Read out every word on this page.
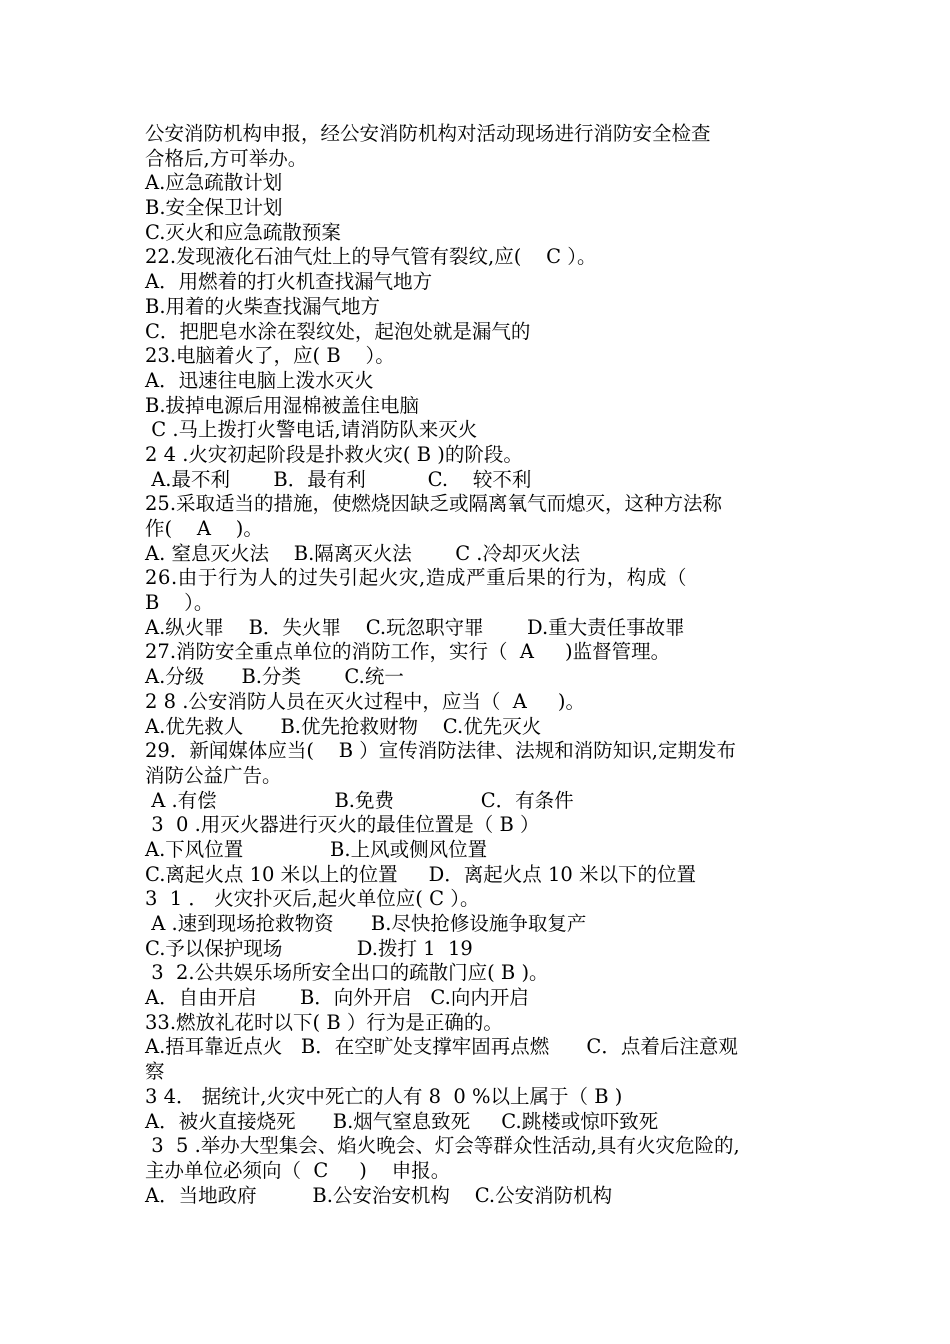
公安消防机构申报，经公安消防机构对活动现场进行消防安全检查
合格后,方可举办。
A.应急疏散计划
B.安全保卫计划
C.灭火和应急疏散预案
22.发现液化石油气灶上的导气管有裂纹,应(    C ）。
A．用燃着的打火机查找漏气地方
B.用着的火柴查找漏气地方
C．把肥皂水涂在裂纹处，起泡处就是漏气的
23.电脑着火了，应( B    ）。
A．迅速往电脑上泼水灭火
B.拔掉电源后用湿棉被盖住电脑
C .马上拨打火警电话,请消防队来灭火
2 4 .火灾初起阶段是扑救火灾( B )的阶段。
A.最不利       B．最有利          C.    较不利
25.采取适当的措施，使燃烧因缺乏或隔离氧气而熄灭，这种方法称
作(    A    )。
A. 窒息灭火法    B.隔离灭火法       C .冷却灭火法
26.由于行为人的过失引起火灾,造成严重后果的行为，构成（
B    ）。
A.纵火罪    B．失火罪    C.玩忽职守罪       D.重大责任事故罪
27.消防安全重点单位的消防工作，实行（  A     )监督管理。
A.分级      B.分类       C.统一
2 8 .公安消防人员在灭火过程中，应当（  A     )。
A.优先救人      B.优先抢救财物    C.优先灭火
29．新闻媒体应当(    B ）宣传消防法律、法规和消防知识,定期发布
消防公益广告。
A .有偿                   B.免费              C．有条件
3  0 .用灭火器进行灭火的最佳位置是（ B ）
A.下风位置              B.上风或侧风位置
C.离起火点 10 米以上的位置     D．离起火点 10 米以下的位置
3  1 ． 火灾扑灭后,起火单位应( C ）。
A .速到现场抢救物资      B.尽快抢修设施争取复产
C.予以保护现场            D.拨打 1  19
3  2.公共娱乐场所安全出口的疏散门应( B )。
A．自由开启       B．向外开启   C.向内开启
33.燃放礼花时以下( B ）行为是正确的。
A.捂耳靠近点火   B．在空旷处支撑牢固再点燃      C．点着后注意观
察
3 4． 据统计,火灾中死亡的人有 8  0 %以上属于（ B )
A．被火直接烧死      B.烟气窒息致死     C.跳楼或惊吓致死
3  5 .举办大型集会、焰火晚会、灯会等群众性活动,具有火灾危险的,
主办单位必须向（  C     )    申报。
A．当地政府         B.公安治安机构    C.公安消防机构
